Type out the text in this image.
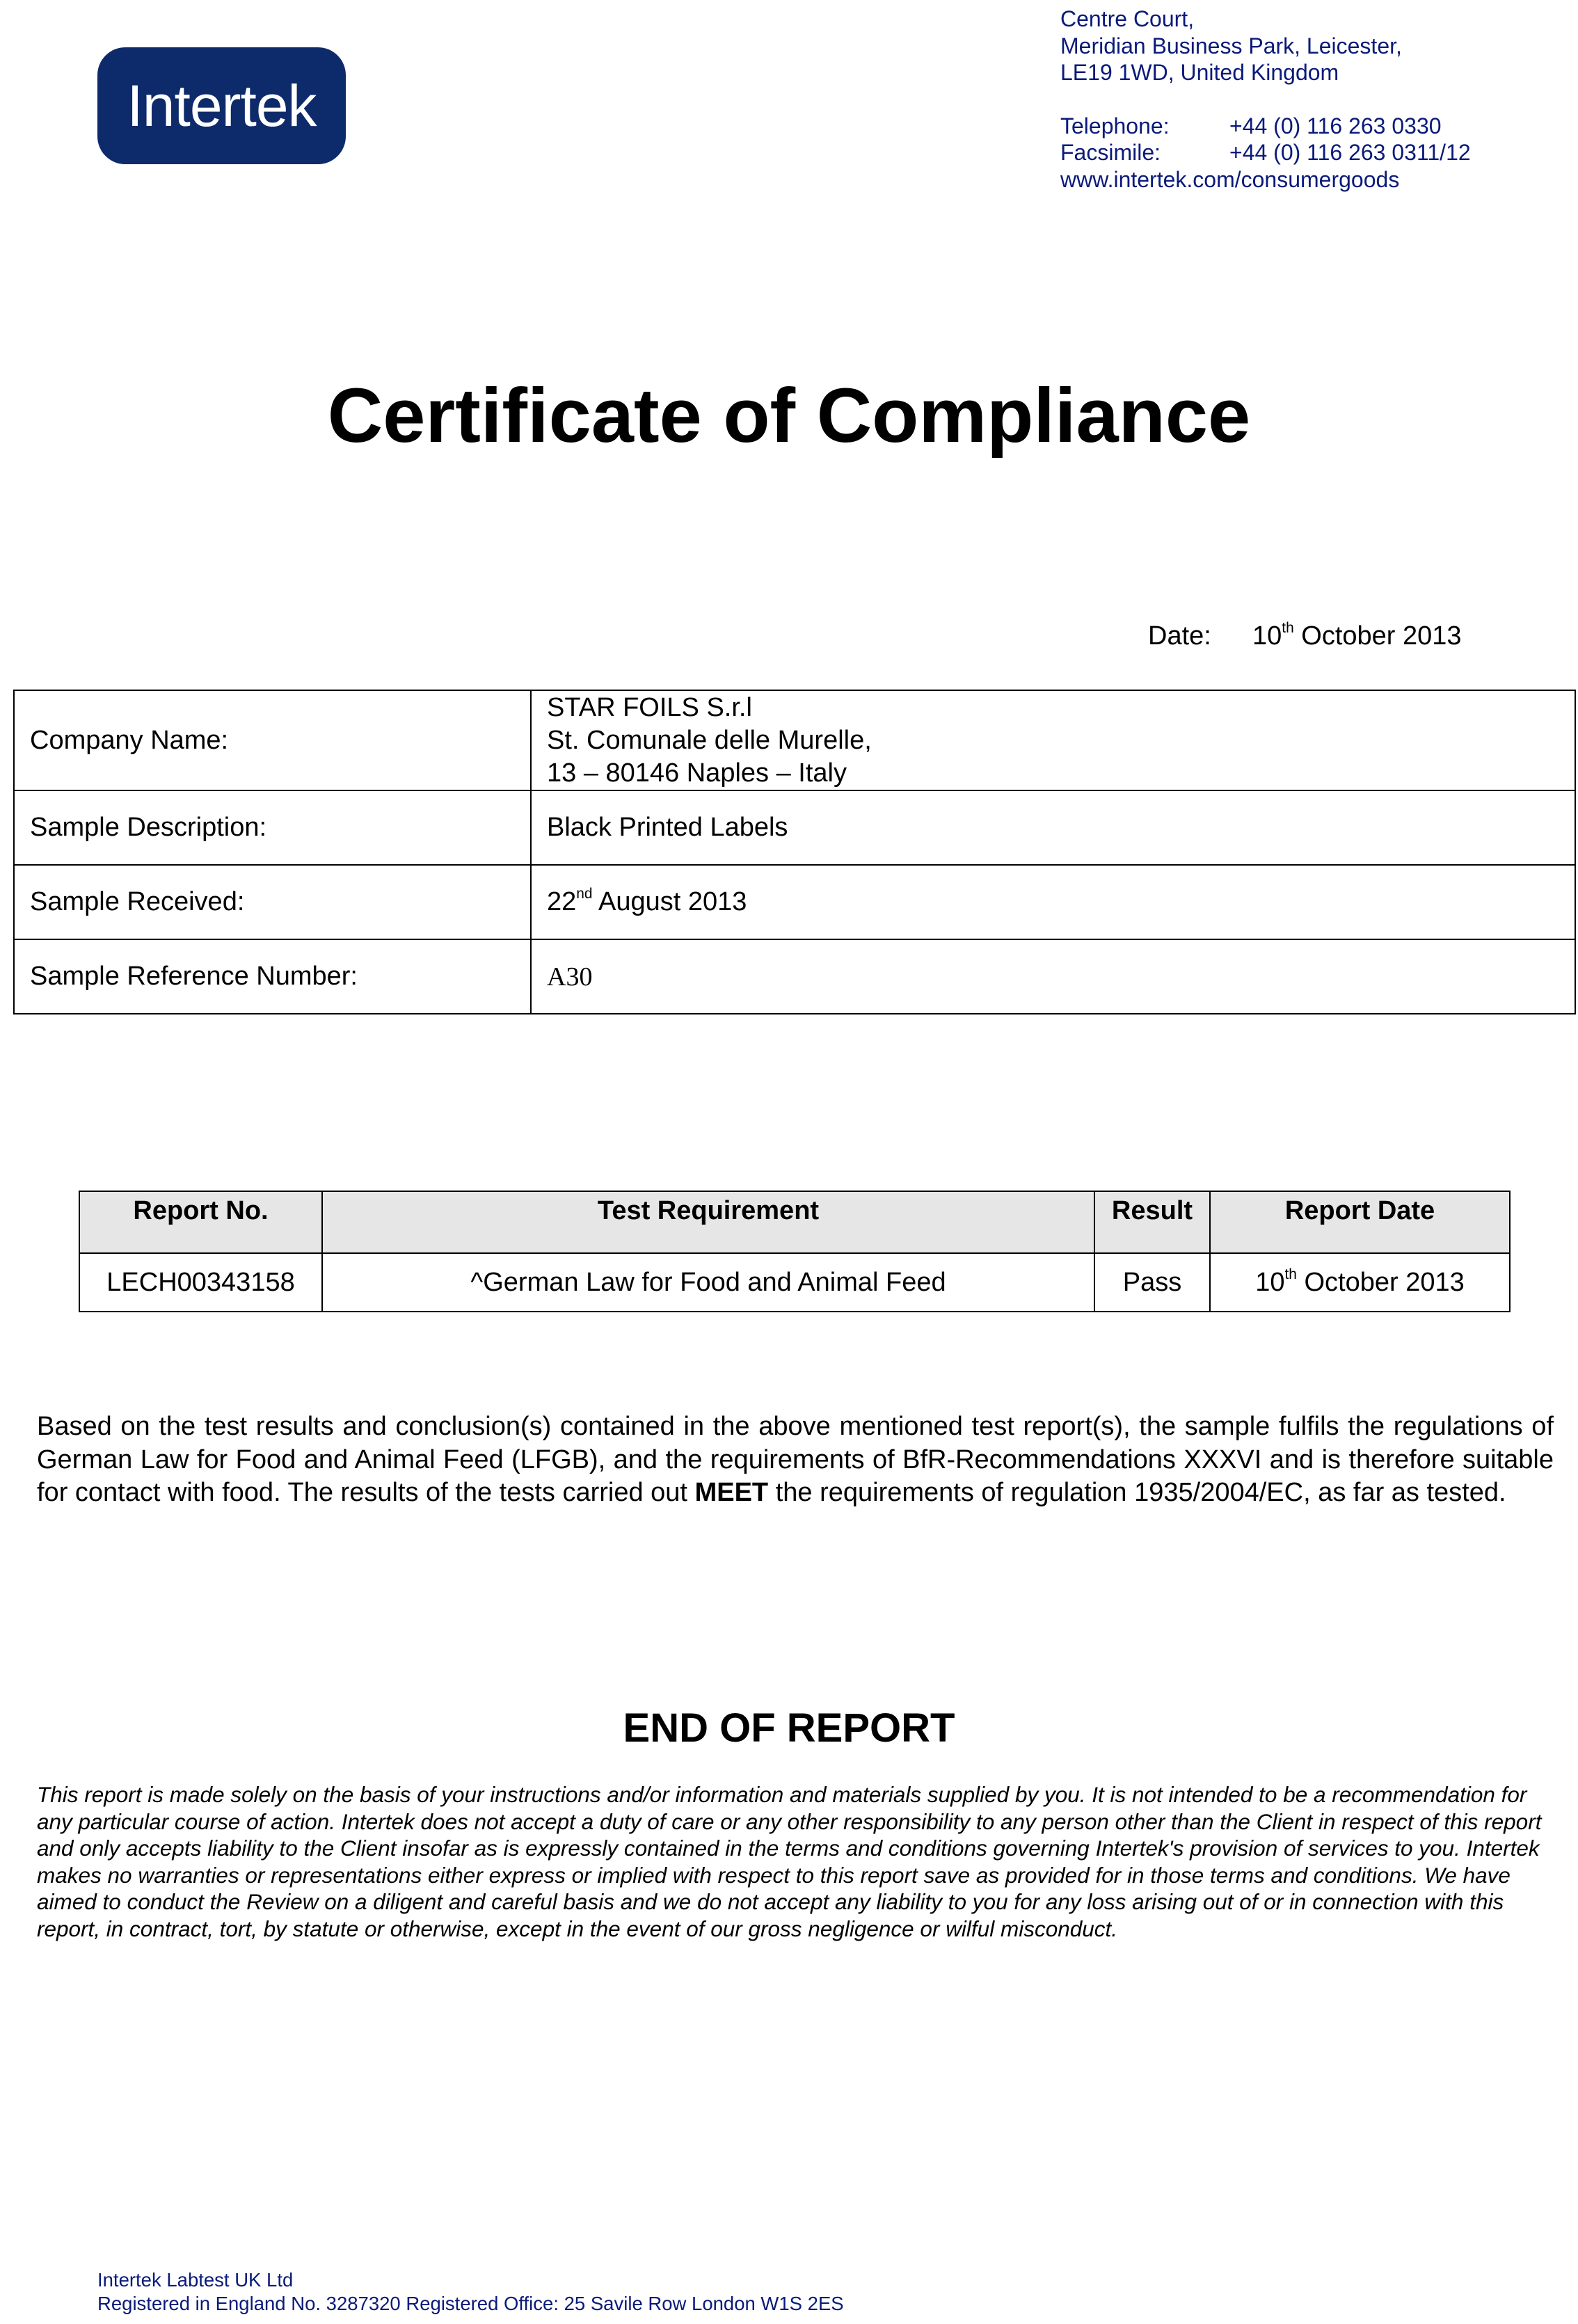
Intertek
Centre Court,
Meridian Business Park, Leicester,
LE19 1WD, United Kingdom
Telephone:	+44 (0) 116 263 0330
Facsimile:	+44 (0) 116 263 0311/12
www.intertek.com/consumergoods
Certificate of Compliance
Date: 10th October 2013
Company Name:	STAR FOILS S.r.l
St. Comunale delle Murelle,
13 – 80146 Naples – Italy

Sample Description:	Black Printed Labels
Sample Received:	22nd August 2013
Sample Reference Number:	A30
Report No.	Test Requirement	Result	Report Date
LECH00343158	^German Law for Food and Animal Feed	Pass	10th October 2013
Based on the test results and conclusion(s) contained in the above mentioned test report(s), the sample fulfils the regulations of German Law for Food and Animal Feed (LFGB), and the requirements of BfR-Recommendations XXXVI and is therefore suitable for contact with food. The results of the tests carried out MEET the requirements of regulation 1935/2004/EC, as far as tested.
END OF REPORT
This report is made solely on the basis of your instructions and/or information and materials supplied by you. It is not intended to be a recommendation for any particular course of action. Intertek does not accept a duty of care or any other responsibility to any person other than the Client in respect of this report and only accepts liability to the Client insofar as is expressly contained in the terms and conditions governing Intertek's provision of services to you. Intertek makes no warranties or representations either express or implied with respect to this report save as provided for in those terms and conditions. We have aimed to conduct the Review on a diligent and careful basis and we do not accept any liability to you for any loss arising out of or in connection with this report, in contract, tort, by statute or otherwise, except in the event of our gross negligence or wilful misconduct.
Intertek Labtest UK Ltd
Registered in England No. 3287320 Registered Office: 25 Savile Row London W1S 2ES
